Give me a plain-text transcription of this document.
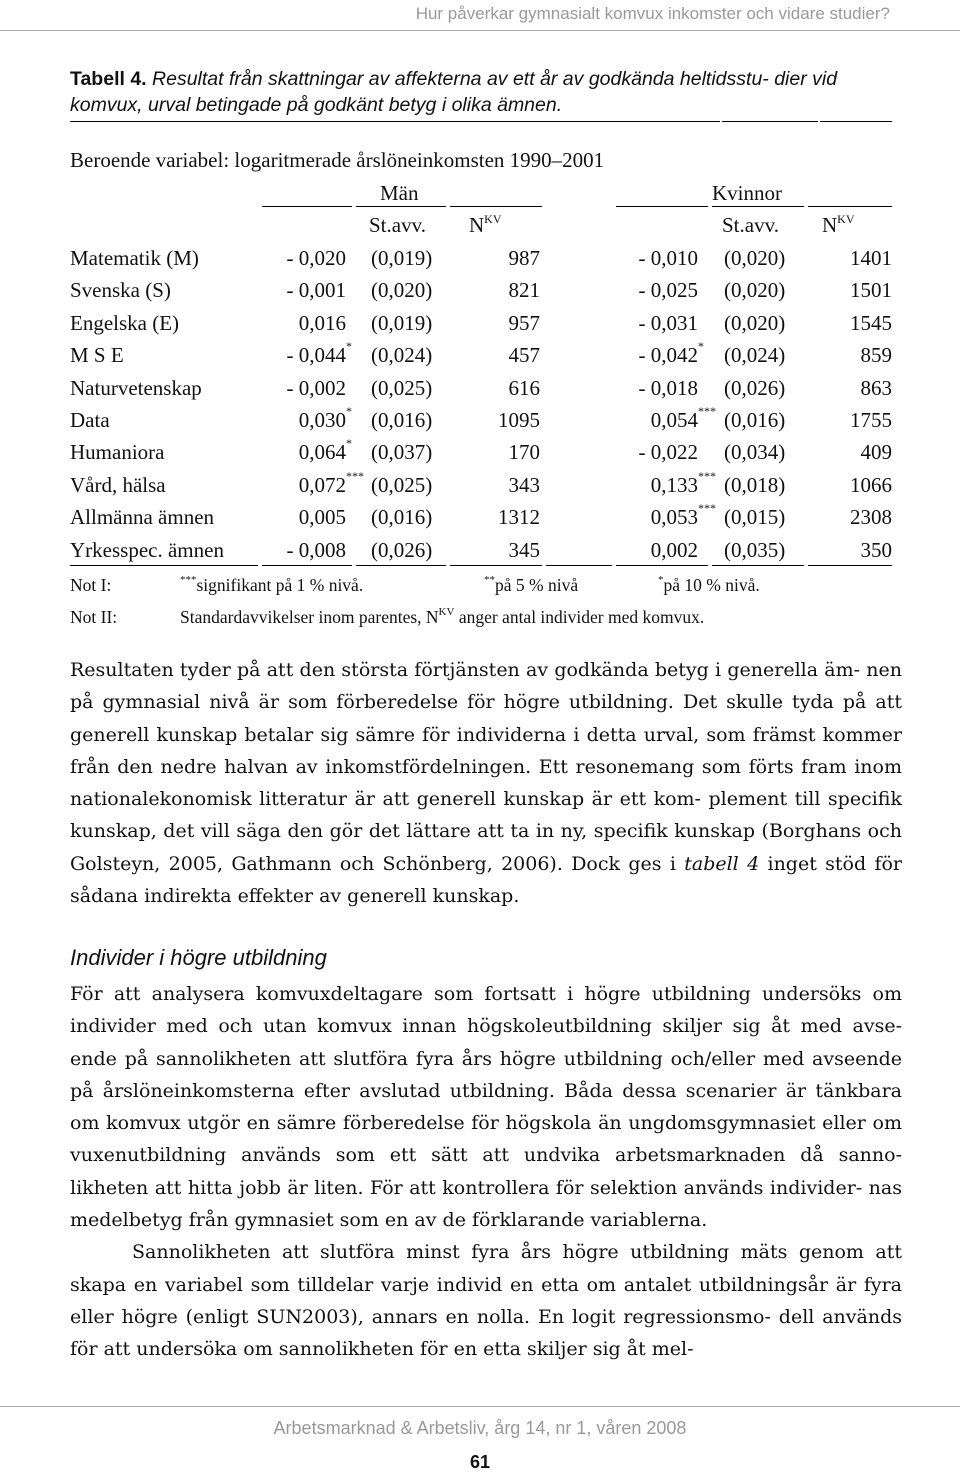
Hur påverkar gymnasialt komvux inkomster och vidare studier?
Tabell 4. Resultat från skattningar av affekterna av ett år av godkända heltidsstu- dier vid komvux, urval betingade på godkänt betyg i olika ämnen.
Beroende variabel: logaritmerade årslöneinkomsten 1990–2001
Män	Kvinnor
St.avv. $N^{KV}$	St.avv. $N^{KV}$
Matematik (M)	- 0,020 (0,019)	987	- 0,010 (0,020)	1401
Svenska (S)	- 0,001 (0,020)	821	- 0,025 (0,020)	1501
Engelska (E)	0,016 (0,019)	957	- 0,031 (0,020)	1545
M S E	- 0,044 * (0,024)	457	- 0,042 * (0,024)	859
Naturvetenskap	- 0,002 (0,025)	616	- 0,018 (0,026)	863
Data	0,030 * (0,016)	1095	0,054 *** (0,016)	1755
Humaniora	0,064 * (0,037)	170	- 0,022 (0,034)	409
Vård, hälsa	0,072 *** (0,025)	343	0,133 *** (0,018)	1066
Allmänna ämnen	0,005 (0,016)	1312	0,053 *** (0,015)	2308
Yrkesspec. ämnen	- 0,008 (0,026)	345	0,002 (0,035)	350
Not I:	***signifikant på 1 % nivå.	**på 5 % nivå	*på 10 % nivå.
Not II:	Standardavvikelser inom parentes, $N^{KV}$ anger antal individer med komvux.

Resultaten tyder på att den största förtjänsten av godkända betyg i generella äm- nen på gymnasial nivå är som förberedelse för högre utbildning. Det skulle tyda på att generell kunskap betalar sig sämre för individerna i detta urval, som främst kommer från den nedre halvan av inkomstfördelningen. Ett resonemang som förts fram inom nationalekonomisk litteratur är att generell kunskap är ett kom- plement till specifik kunskap, det vill säga den gör det lättare att ta in ny, specifik kunskap (Borghans och Golsteyn, 2005, Gathmann och Schönberg, 2006). Dock ges i tabell 4 inget stöd för sådana indirekta effekter av generell kunskap.

Individer i högre utbildning

För att analysera komvuxdeltagare som fortsatt i högre utbildning undersöks om individer med och utan komvux innan högskoleutbildning skiljer sig åt med avse- ende på sannolikheten att slutföra fyra års högre utbildning och/eller med avseende på årslöneinkomsterna efter avslutad utbildning. Båda dessa scenarier är tänkbara om komvux utgör en sämre förberedelse för högskola än ungdomsgymnasiet eller om vuxenutbildning används som ett sätt att undvika arbetsmarknaden då sanno- likheten att hitta jobb är liten. För att kontrollera för selektion används individer- nas medelbetyg från gymnasiet som en av de förklarande variablerna.

Sannolikheten att slutföra minst fyra års högre utbildning mäts genom att skapa en variabel som tilldelar varje individ en etta om antalet utbildningsår är fyra eller högre (enligt SUN2003), annars en nolla. En logit regressionsmo- dell används för att undersöka om sannolikheten för en etta skiljer sig åt mel-

Arbetsmarknad & Arbetsliv, årg 14, nr 1, våren 2008
61
